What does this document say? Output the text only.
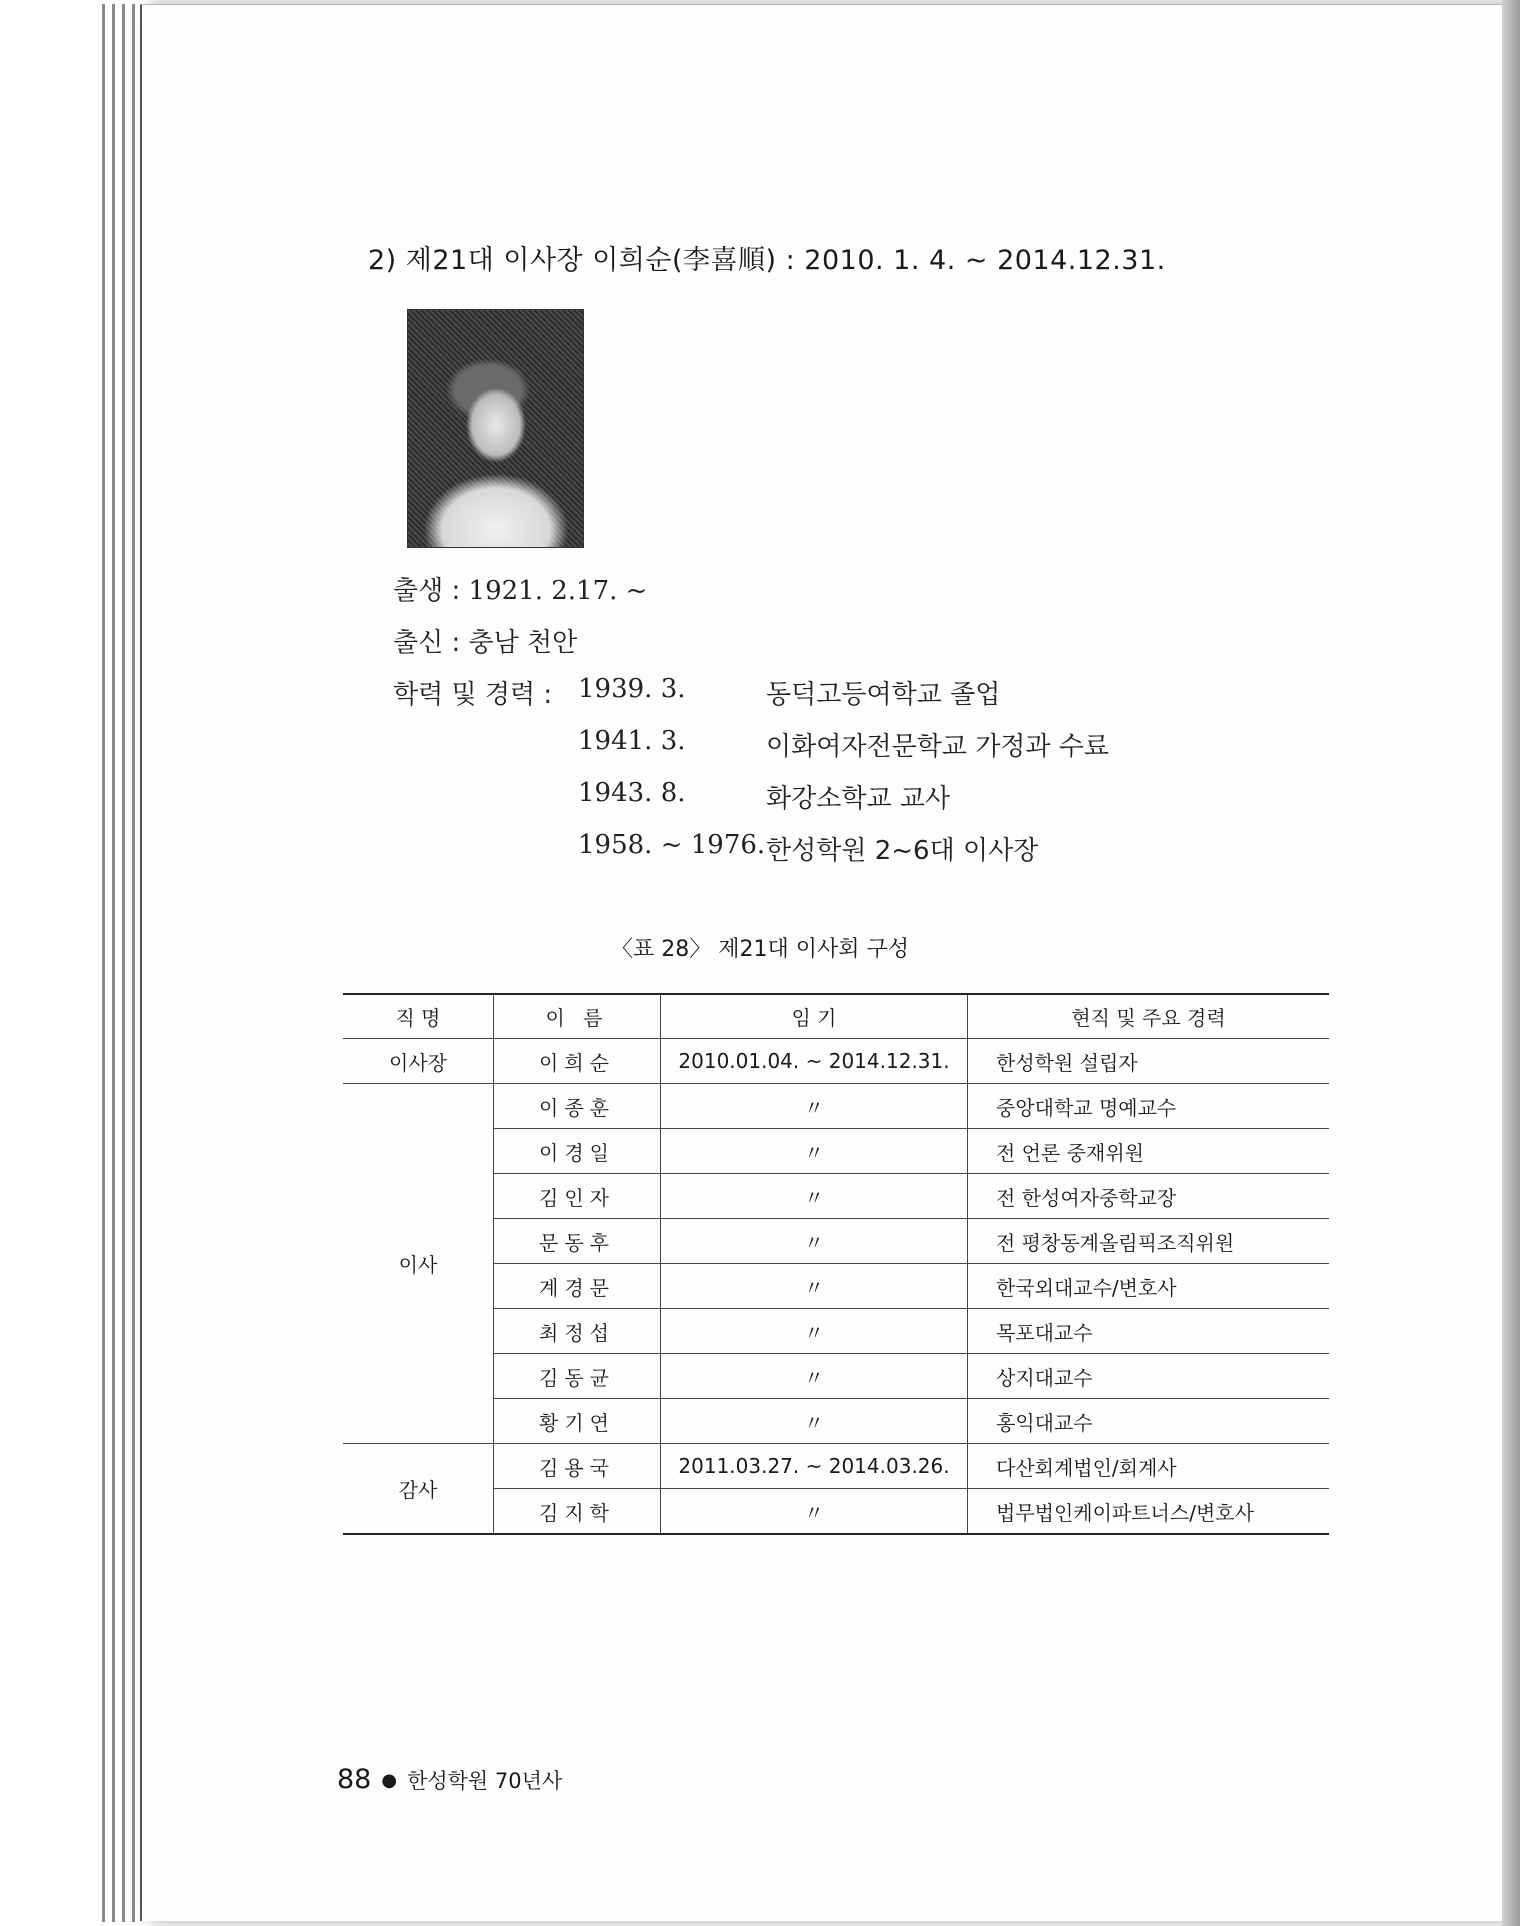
2) 제21대 이사장 이희순(李喜順) : 2010. 1. 4. ~ 2014.12.31.
출생 : 1921. 2.17. ~
출신 : 충남 천안
학력 및 경력 : 1939. 3.	동덕고등여학교 졸업
1941. 3.	이화여자전문학교 가정과 수료
1943. 8.	화강소학교 교사
1958. ~ 1976. 한성학원 2~6대 이사장
〈표 28〉 제21대 이사회 구성
직 명	이 름	임 기	현직 및 주요 경력
이사장	이희순	2010.01.04. ~ 2014.12.31.	한성학원 설립자
이사	이종훈	〃	중앙대학교 명예교수
	이경일	〃	전 언론 중재위원
	김인자	〃	전 한성여자중학교장
	문동후	〃	전 평창동계올림픽조직위원
	계경문	〃	한국외대교수/변호사
	최정섭	〃	목포대교수
	김동균	〃	상지대교수
	황기연	〃	홍익대교수
감사	김용국	2011.03.27. ~ 2014.03.26.	다산회계법인/회계사
	김지학	〃	법무법인케이파트너스/변호사
88 ● 한성학원 70년사
